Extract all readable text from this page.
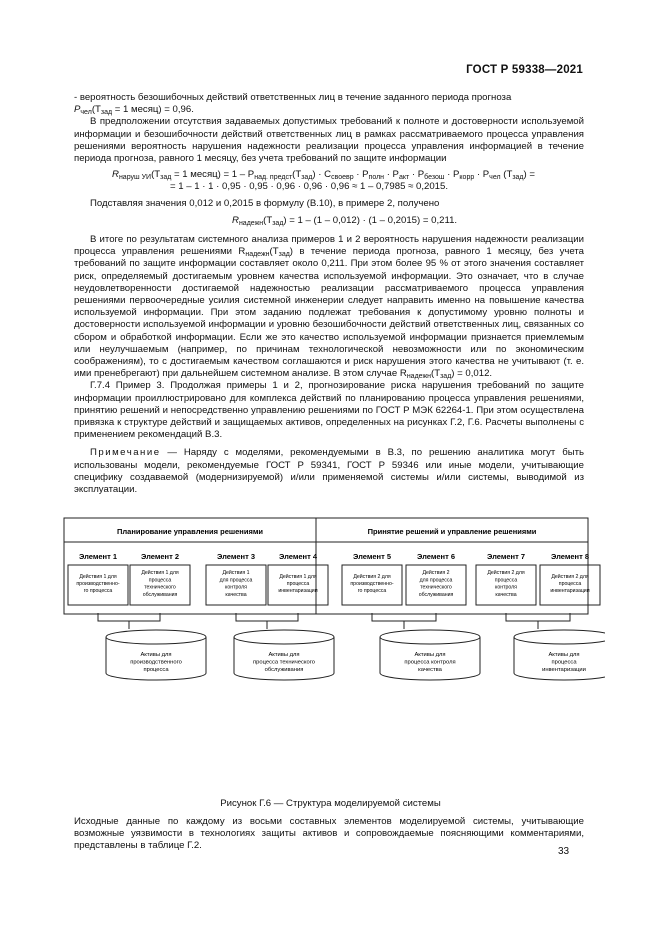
ГОСТ Р 59338—2021

- вероятность безошибочных действий ответственных лиц в течение заданного периода прогноза

$P_{чел}(T_{зад} = 1$ месяц) = 0,96.

В предположении отсутствия задаваемых допустимых требований к полноте и достоверности используемой информации и безошибочности действий ответственных лиц в рамках рассматриваемого процесса управления решениями вероятность нарушения надежности реализации процесса управления информацией в течение периода прогноза, равного 1 месяцу, без учета требований по защите информации

$R_{наруш УИ}(T_{зад} = 1$ месяц) = $1 - P_{над. предст}(T_{зад}) \cdot C_{своевр} \cdot P_{полн} \cdot P_{акт} \cdot P_{безош} \cdot P_{корр} \cdot P_{чел}$ $(T_{зад})$ =

= 1 – 1 · 1 · 0,95 · 0,95 · 0,96 · 0,96 · 0,96 ≈ 1 – 0,7985 ≈ 0,2015.

Подставляя значения 0,012 и 0,2015 в формулу (В.10), в примере 2, получено

$R_{надежн}(T_{зад}) = 1 - (1 - 0,012) \cdot (1 - 0,2015) = 0,211$.

В итоге по результатам системного анализа примеров 1 и 2 вероятность нарушения надежности реализации процесса управления решениями $R_{надежн}(T_{зад})$ в течение периода прогноза, равного 1 месяцу, без учета требований по защите информации составляет около 0,211. При этом более 95 % от этого значения составляет риск, определяемый достигаемым уровнем качества используемой информации. Это означает, что в случае неудовлетворенности достигаемой надежностью реализации рассматриваемого процесса управления решениями первоочередные усилия системной инженерии следует направить именно на повышение качества используемой информации. При этом заданию подлежат требования к допустимому уровню полноты и достоверности используемой информации и уровню безошибочности действий ответственных лиц, связанных со сбором и обработкой информации. Если же это качество используемой информации признается приемлемым или неулучшаемым (например, по причинам технологической невозможности или по экономическим соображениям), то с достигаемым качеством соглашаются и риск нарушения этого качества не учитывают (т. е. ими пренебрегают) при дальнейшем системном анализе. В этом случае $R_{надежн}(T_{зад}) = 0,012$.

Г.7.4 Пример 3. Продолжая примеры 1 и 2, прогнозирование риска нарушения требований по защите информации проиллюстрировано для комплекса действий по планированию процесса управления решениями, принятию решений и непосредственно управлению решениями по ГОСТ Р МЭК 62264-1. При этом осуществлена привязка к структуре действий и защищаемых активов, определенных на рисунках Г.2, Г.6. Расчеты выполнены с применением рекомендаций В.3.

Примечание — Наряду с моделями, рекомендуемыми в В.3, по решению аналитика могут быть использованы модели, рекомендуемые ГОСТ Р 59341, ГОСТ Р 59346 или иные модели, учитывающие специфику создаваемой (модернизируемой) и/или применяемой системы и/или системы, выводимой из эксплуатации.

Планирование управления решениями	Принятие решений и управление решениями
Элемент 1
Действия 1 для
производственно-
го процесса
Элемент 2
Действия 1 для
процесса
технического
обслуживания
Элемент 3
Действия 1
для процесса
контроля
качества
Элемент 4
Действия 1 для
процесса
инвентаризации
Элемент 5
Действия 2 для
производственно-
го процесса
Элемент 6
Действия 2
для процесса
технического
обслуживания
Элемент 7
Действия 2 для
процесса
контроля
качества
Элемент 8
Действия 2 для
процесса
инвентаризации
Активы для
производственного
процесса
Активы для
процесса технического
обслуживания
Активы для
процесса контроля
качества
Активы для
процесса
инвентаризации
Рисунок Г.6 — Структура моделируемой системы
Исходные данные по каждому из восьми составных элементов моделируемой системы, учитывающие возможные уязвимости в технологиях защиты активов и сопровождаемые поясняющими комментариями, представлены в таблице Г.2.
33
